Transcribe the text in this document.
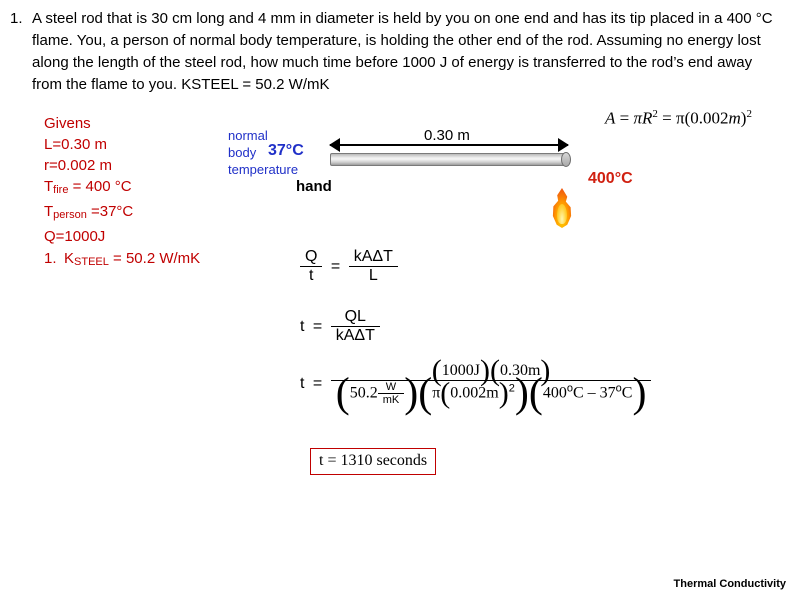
1. A steel rod that is 30 cm long and 4 mm in diameter is held by you on one end and has its tip placed in a 400 °C flame. You, a person of normal body temperature, is holding the other end of the rod. Assuming no energy lost along the length of the steel rod, how much time before 1000 J of energy is transferred to the rod’s end away from the flame to you. KSTEEL = 50.2 W/mK
Givens
L=0.30 m
r=0.002 m
Tfire = 400 °C
Tperson =37°C
Q=1000J
1. KSTEEL = 50.2 W/mK
normal
body
temperature
37°C
hand
0.30 m
$A = \pi R^2 = \pi(0.002m)^2$
400°C
$\frac{Q}{t} = \frac{\text{kAΔT}}{L}$
$t = \frac{QL}{\text{kAΔT}}$
$t = \frac{(1000J)(0.30m)}{(50.2 \frac{W}{mK} )(\pi(0.002m)^2)(400^oC - 37^oC)}$
t = 1310 seconds
Thermal Conductivity
